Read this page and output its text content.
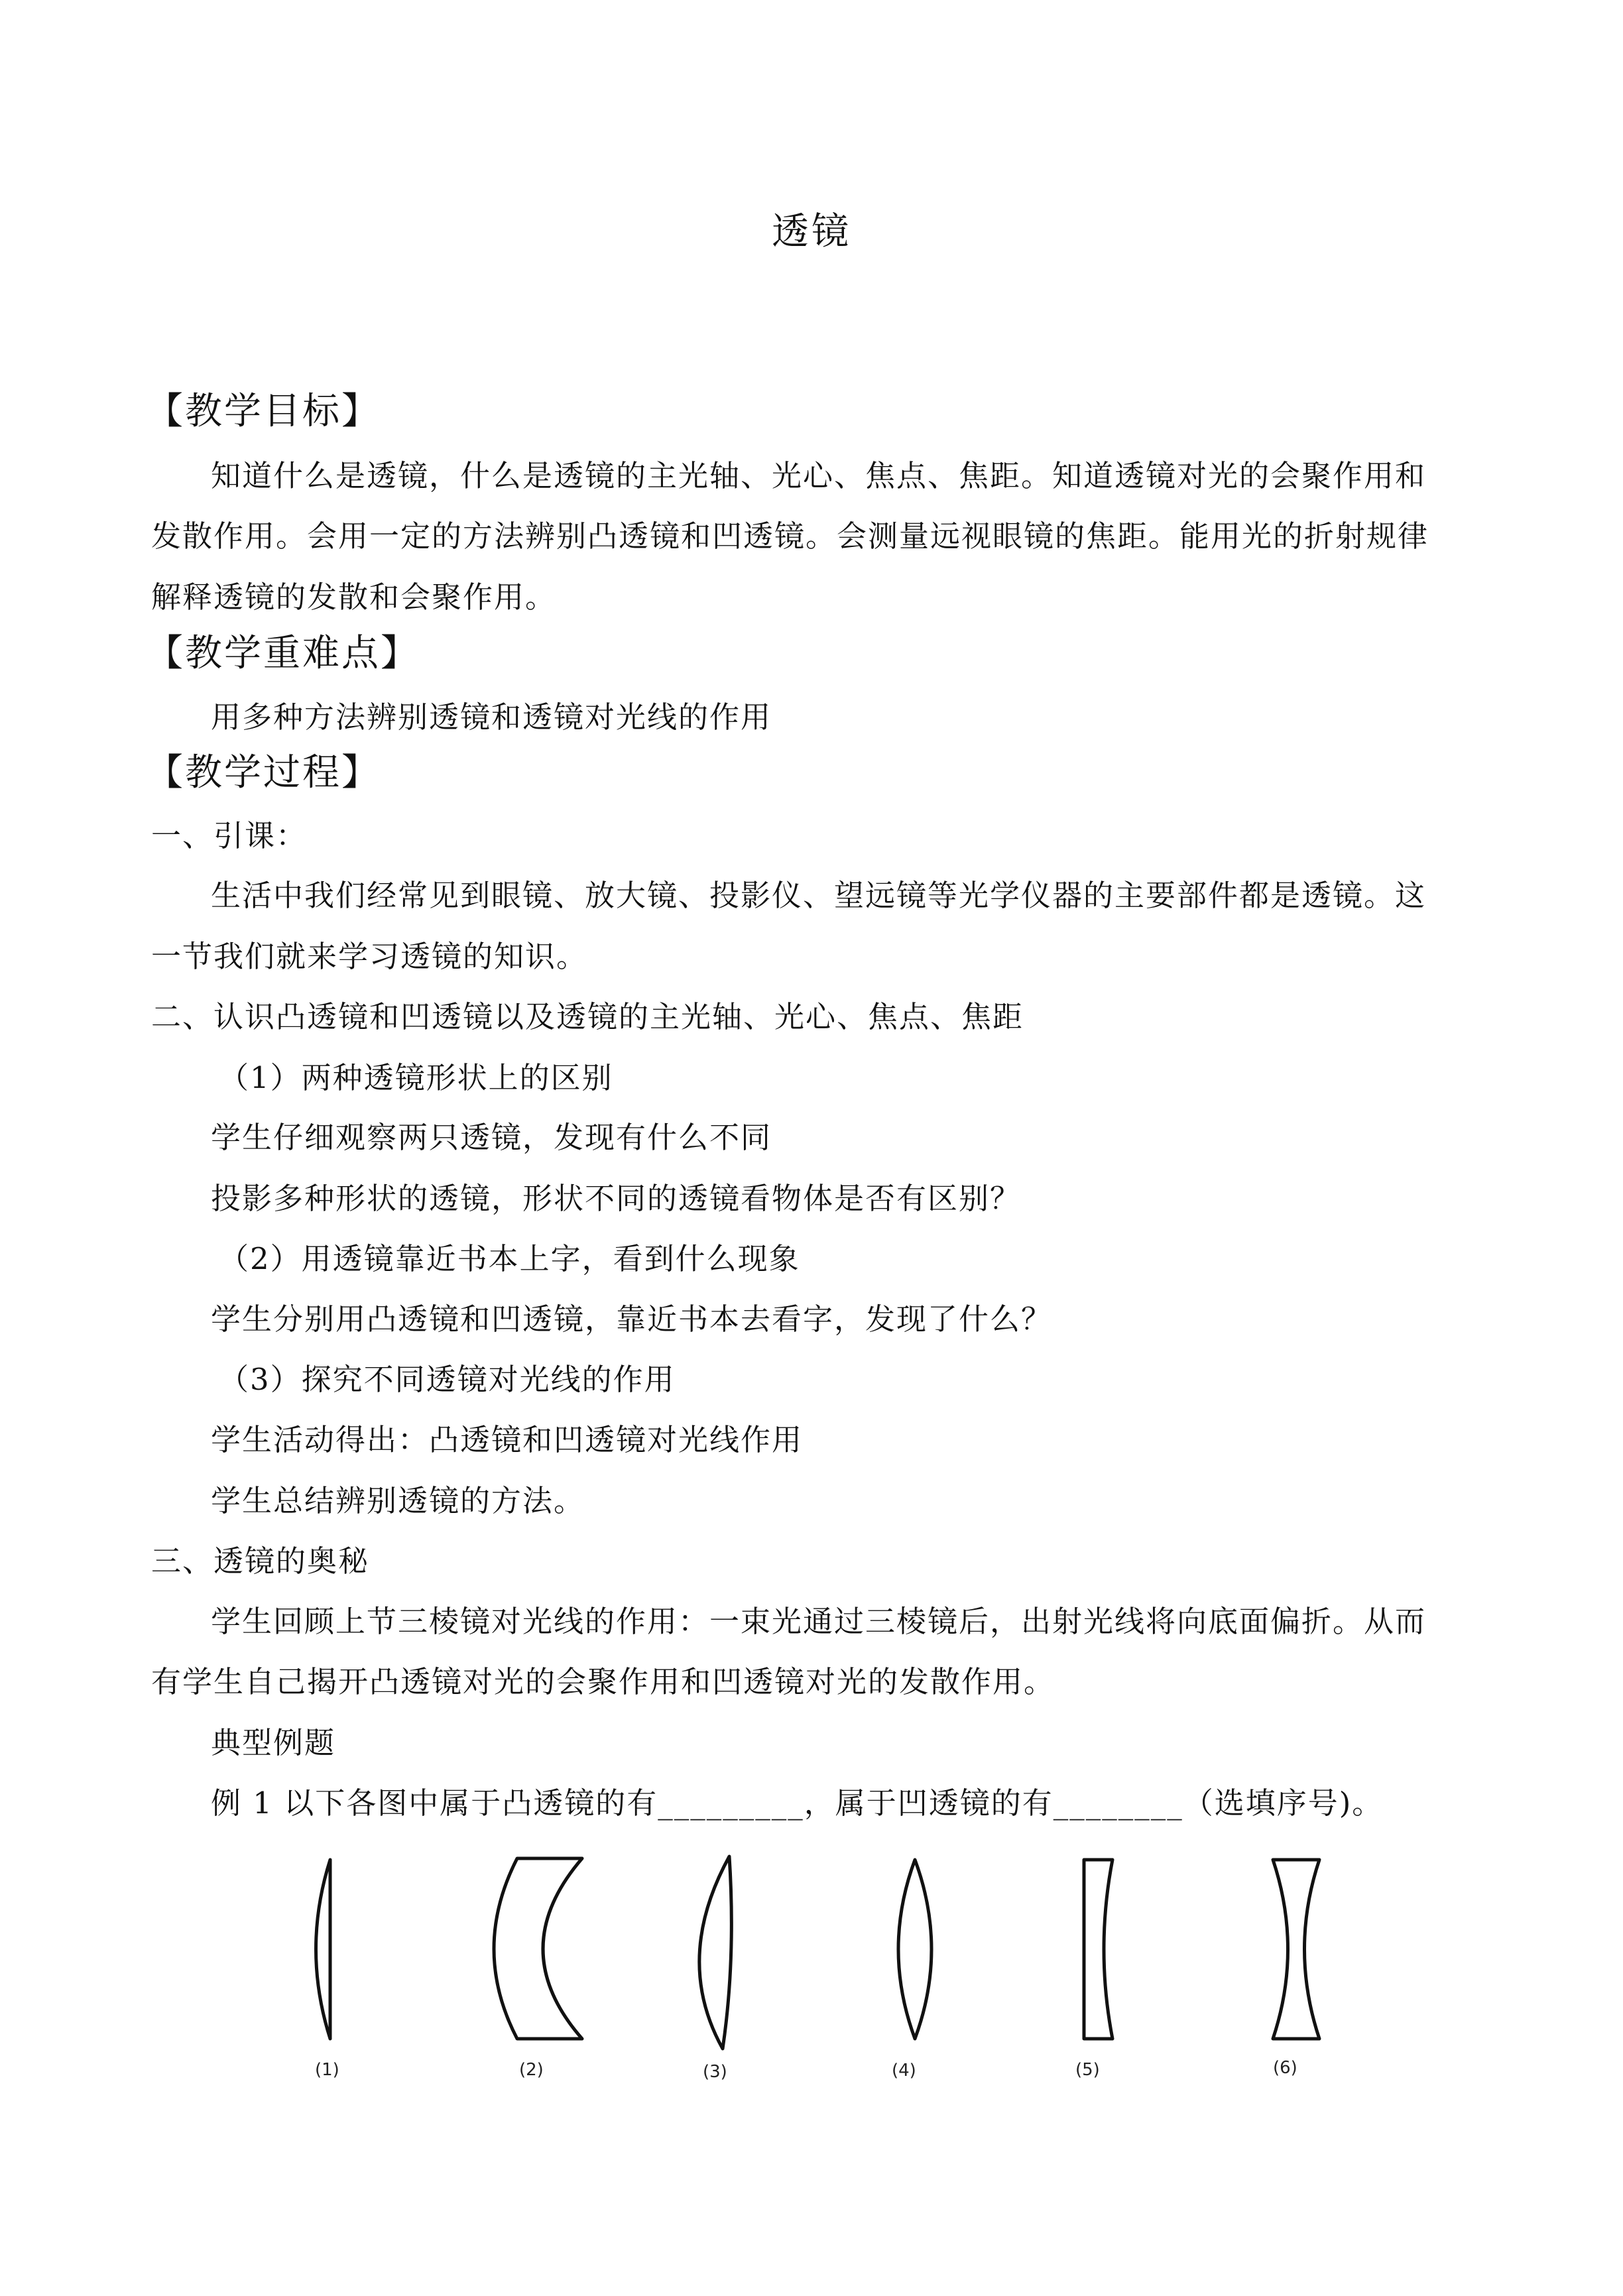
透镜
【教学目标】
知道什么是透镜，什么是透镜的主光轴、光心、焦点、焦距。知道透镜对光的会聚作用和
发散作用。会用一定的方法辨别凸透镜和凹透镜。会测量远视眼镜的焦距。能用光的折射规律
解释透镜的发散和会聚作用。
【教学重难点】
用多种方法辨别透镜和透镜对光线的作用
【教学过程】
一、引课：
生活中我们经常见到眼镜、放大镜、投影仪、望远镜等光学仪器的主要部件都是透镜。这
一节我们就来学习透镜的知识。
二、认识凸透镜和凹透镜以及透镜的主光轴、光心、焦点、焦距
（1）两种透镜形状上的区别
学生仔细观察两只透镜，发现有什么不同
投影多种形状的透镜，形状不同的透镜看物体是否有区别？
（2）用透镜靠近书本上字，看到什么现象
学生分别用凸透镜和凹透镜，靠近书本去看字，发现了什么？
（3）探究不同透镜对光线的作用
学生活动得出：凸透镜和凹透镜对光线作用
学生总结辨别透镜的方法。
三、透镜的奥秘
学生回顾上节三棱镜对光线的作用：一束光通过三棱镜后，出射光线将向底面偏折。从而
有学生自己揭开凸透镜对光的会聚作用和凹透镜对光的发散作用。
典型例题
例 1 以下各图中属于凸透镜的有_________，属于凹透镜的有________（选填序号)。
(1)	(2)	(3)	(4)	(5)	(6)
